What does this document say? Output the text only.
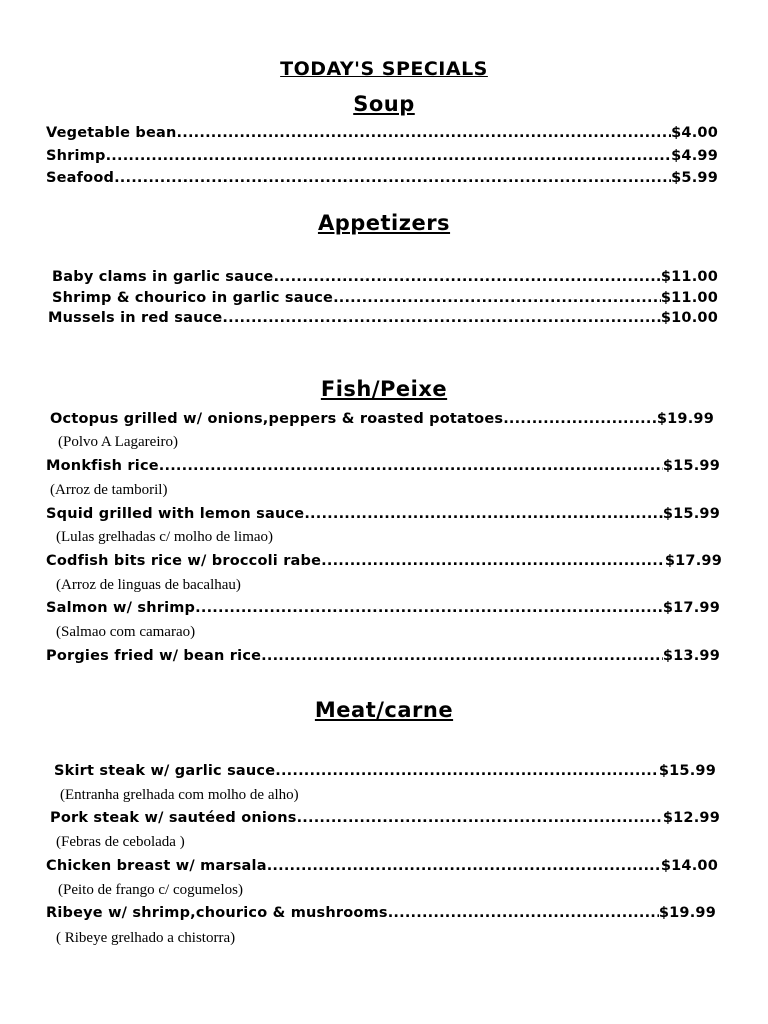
TODAY'S SPECIALS
Soup
Vegetable bean .....	$4.00
Shrimp .....	$4.99
Seafood .....	$5.99
Appetizers
Baby clams in garlic sauce .....	$11.00
Shrimp & chourico in garlic sauce .....	$11.00
Mussels in red sauce .....	$10.00
Fish/Peixe
Octopus grilled w/ onions,peppers & roasted potatoes .....	$19.99
(Polvo A Lagareiro)
Monkfish rice .....	$15.99
(Arroz de tamboril)
Squid grilled with lemon sauce .....	$15.99
(Lulas grelhadas c/ molho de limao)
Codfish bits rice w/ broccoli rabe .....	$17.99
(Arroz de linguas de bacalhau)
Salmon w/ shrimp .....	$17.99
(Salmao com camarao)
Porgies fried w/ bean rice .....	$13.99
Meat/carne
Skirt steak w/ garlic sauce .....	$15.99
(Entranha grelhada com molho de alho)
Pork steak w/ sautéed onions .....	$12.99
(Febras de cebolada )
Chicken breast w/ marsala .....	$14.00
(Peito de frango c/ cogumelos)
Ribeye w/ shrimp,chourico & mushrooms .....	$19.99
( Ribeye grelhado a chistorra)
